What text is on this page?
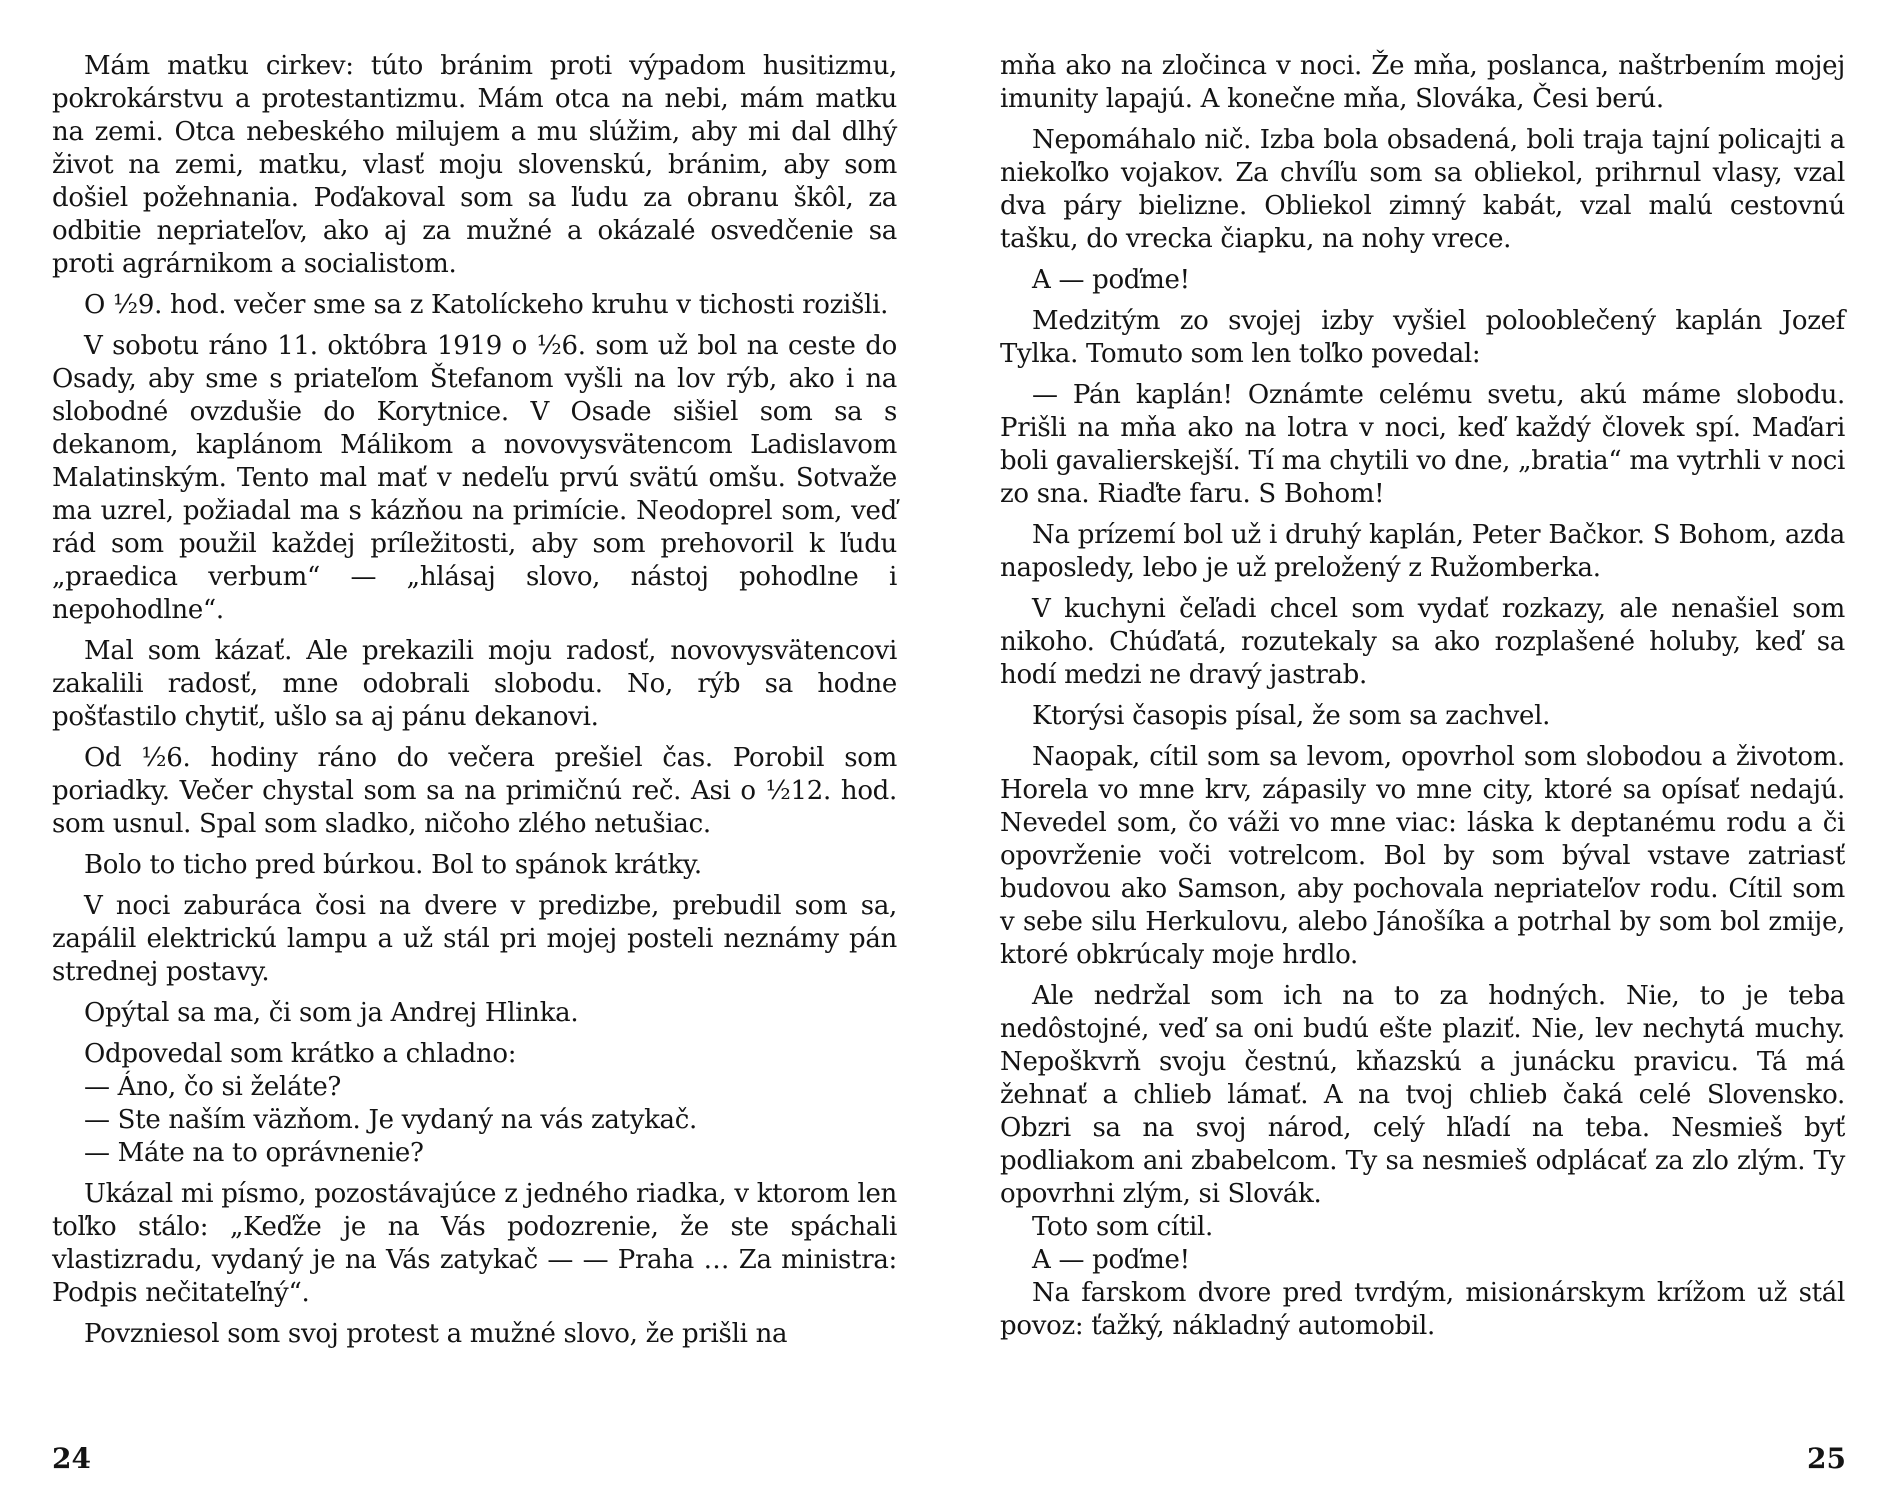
Mám matku cirkev: túto bránim proti výpadom husitizmu, pokrokárstvu a protestantizmu. Mám otca na nebi, mám matku na zemi. Otca nebeského milujem a mu slúžim, aby mi dal dlhý život na zemi, matku, vlasť moju slovenskú, bránim, aby som došiel požehnania. Poďakoval som sa ľudu za obranu škôl, za odbitie nepriateľov, ako aj za mužné a okázalé osvedčenie sa proti agrárnikom a socialistom.

O ½9. hod. večer sme sa z Katolíckeho kruhu v tichosti rozišli.

V sobotu ráno 11. októbra 1919 o ½6. som už bol na ceste do Osady, aby sme s priateľom Štefanom vyšli na lov rýb, ako i na slobodné ovzdušie do Korytnice. V Osade sišiel som sa s dekanom, kaplánom Málikom a novovysvätencom Ladislavom Malatinským. Tento mal mať v nedeľu prvú svätú omšu. Sotvaže ma uzrel, požiadal ma s kázňou na primície. Neodoprel som, veď rád som použil každej príležitosti, aby som prehovoril k ľudu „praedica verbum“ — „hlásaj slovo, nástoj pohodlne i nepohodlne“.

Mal som kázať. Ale prekazili moju radosť, novovysvätencovi zakalili radosť, mne odobrali slobodu. No, rýb sa hodne pošťastilo chytiť, ušlo sa aj pánu dekanovi.

Od ½6. hodiny ráno do večera prešiel čas. Porobil som poriadky. Večer chystal som sa na primičnú reč. Asi o ½12. hod. som usnul. Spal som sladko, ničoho zlého netušiac.

Bolo to ticho pred búrkou. Bol to spánok krátky.

V noci zaburáca čosi na dvere v predizbe, prebudil som sa, zapálil elektrickú lampu a už stál pri mojej posteli neznámy pán strednej postavy.

Opýtal sa ma, či som ja Andrej Hlinka.

Odpovedal som krátko a chladno:

— Áno, čo si želáte?

— Ste naším väzňom. Je vydaný na vás zatykač.

— Máte na to oprávnenie?

Ukázal mi písmo, pozostávajúce z jedného riadka, v ktorom len toľko stálo: „Keďže je na Vás podozrenie, že ste spáchali vlastizradu, vydaný je na Vás zatykač — — Praha … Za ministra: Podpis nečitateľný“.

Povzniesol som svoj protest a mužné slovo, že prišli na

24

mňa ako na zločinca v noci. Že mňa, poslanca, naštrbením mojej imunity lapajú. A konečne mňa, Slováka, Česi berú.

Nepomáhalo nič. Izba bola obsadená, boli traja tajní policajti a niekoľko vojakov. Za chvíľu som sa obliekol, prihrnul vlasy, vzal dva páry bielizne. Obliekol zimný kabát, vzal malú cestovnú tašku, do vrecka čiapku, na nohy vrece.

A — poďme!

Medzitým zo svojej izby vyšiel polooblečený kaplán Jozef Tylka. Tomuto som len toľko povedal:

— Pán kaplán! Oznámte celému svetu, akú máme slobodu. Prišli na mňa ako na lotra v noci, keď každý človek spí. Maďari boli gavalierskejší. Tí ma chytili vo dne, „bratia“ ma vytrhli v noci zo sna. Riaďte faru. S Bohom!

Na prízemí bol už i druhý kaplán, Peter Bačkor. S Bohom, azda naposledy, lebo je už preložený z Ružomberka.

V kuchyni čeľadi chcel som vydať rozkazy, ale nenašiel som nikoho. Chúďatá, rozutekaly sa ako rozplašené holuby, keď sa hodí medzi ne dravý jastrab.

Ktorýsi časopis písal, že som sa zachvel.

Naopak, cítil som sa levom, opovrhol som slobodou a životom. Horela vo mne krv, zápasily vo mne city, ktoré sa opísať nedajú. Nevedel som, čo váži vo mne viac: láska k deptanému rodu a či opovrženie voči votrelcom. Bol by som býval vstave zatriasť budovou ako Samson, aby pochovala nepriateľov rodu. Cítil som v sebe silu Herkulovu, alebo Jánošíka a potrhal by som bol zmije, ktoré obkrúcaly moje hrdlo.

Ale nedržal som ich na to za hodných. Nie, to je teba nedôstojné, veď sa oni budú ešte plaziť. Nie, lev nechytá muchy. Nepoškvrň svoju čestnú, kňazskú a junácku pravicu. Tá má žehnať a chlieb lámať. A na tvoj chlieb čaká celé Slovensko. Obzri sa na svoj národ, celý hľadí na teba. Nesmieš byť podliakom ani zbabelcom. Ty sa nesmieš odplácať za zlo zlým. Ty opovrhni zlým, si Slovák.

Toto som cítil.

A — poďme!

Na farskom dvore pred tvrdým, misionárskym krížom už stál povoz: ťažký, nákladný automobil.

25
